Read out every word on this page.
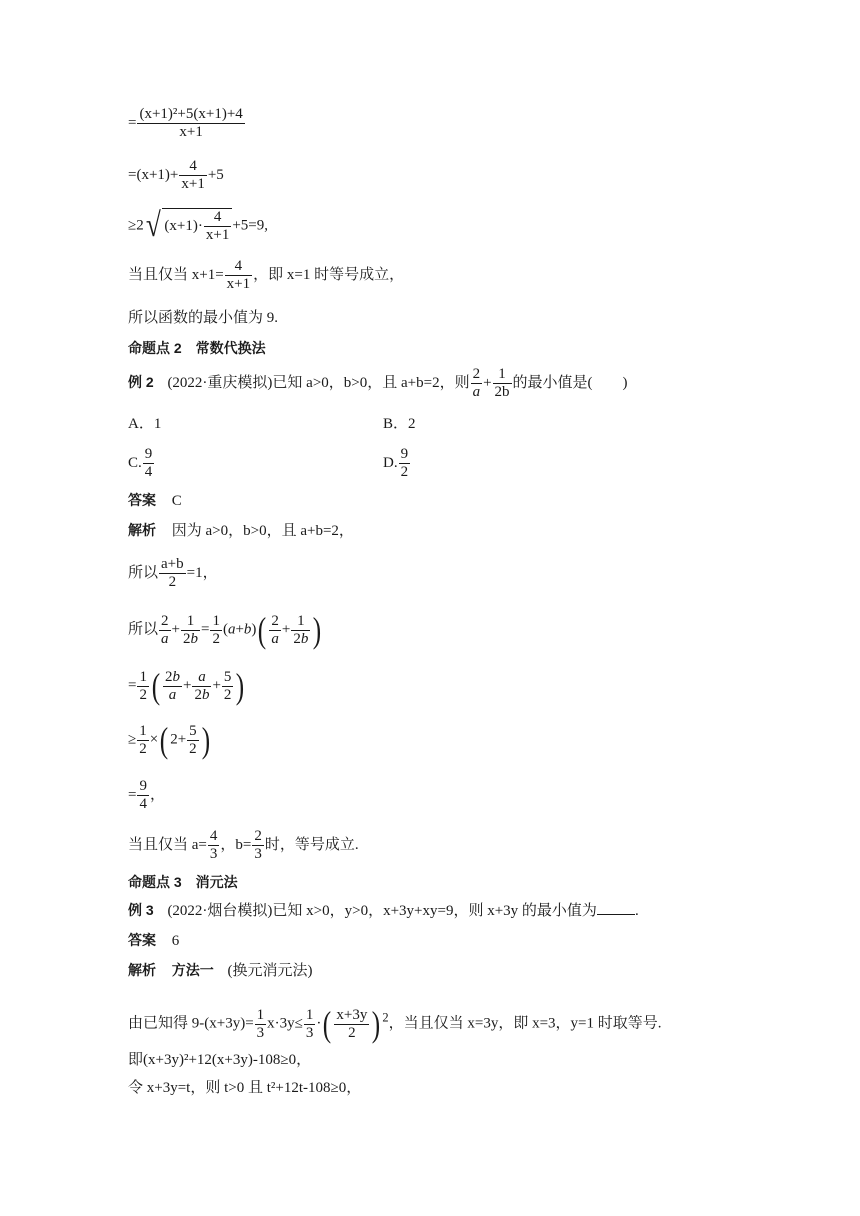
= $\frac{\text{(x+1)²+5(x+1)+4}}{x+1}$
$=(x+1)+ \frac{4}{x+1} +5$
≥2√ $(x+1)\cdot \frac{4}{x+1} +5=9$,
当且仅当 $x+1= \frac{4}{x+1}$ ，即 x=1 时等号成立，
所以函数的最小值为 9.
命题点 2　常数代换法
例 2 (2022·重庆模拟)已知 a>0，b>0，且 a+b=2，则 $\frac{2}{a} + \frac{1}{2b}$ 的最小值是(　　)
A．1	B．2
C. $\frac{9}{4}$	D. $\frac{9}{2}$
答案 C
解析 因为 a>0，b>0，且 a+b=2，
所以 $\frac{a+b}{2} =1$，
所以 $\frac{2}{a} + \frac{1}{2b} = \frac{1}{2} (a+b)( \frac{2}{a} + \frac{1}{2b}$ )
= $\frac{1}{2}$ ( $\frac{2b}{a} + \frac{a}{2b} + \frac{5}{2}$ )
≥ $\frac{1}{2}$ ×( $2+ \frac{5}{2}$ )
= $\frac{9}{4}$ ，
当且仅当 $a= \frac{4}{3}$ ，$b= \frac{2}{3}$ 时，等号成立.
命题点 3　消元法
例 3 (2022·烟台模拟)已知 x>0，y>0，x+3y+xy=9，则 x+3y 的最小值为	.
答案 6
解析 方法一 (换元消元法)
由已知得 $9-(x+3y)= \frac{1}{3} x\cdot 3y\le \frac{1}{3}$ ·( $\frac{x+3y}{2}$ ) $^2$，当且仅当 x=3y，即 x=3，y=1 时取等号.
即(x+3y)²+12(x+3y)-108≥0，
令 x+3y=t，则 t>0 且 t²+12t-108≥0，
